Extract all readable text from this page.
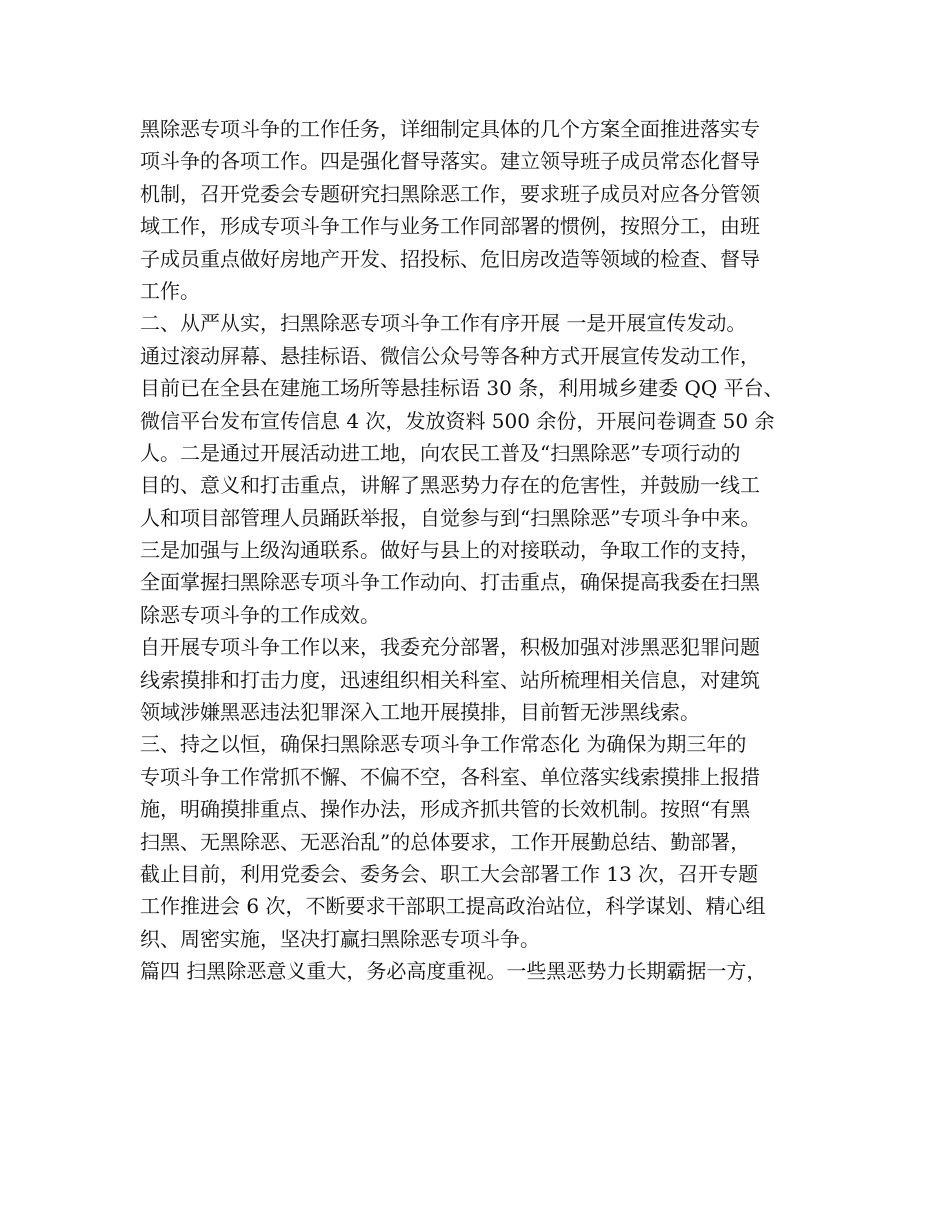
黑除恶专项斗争的工作任务，详细制定具体的几个方案全面推进落实专
项斗争的各项工作。四是强化督导落实。建立领导班子成员常态化督导
机制，召开党委会专题研究扫黑除恶工作，要求班子成员对应各分管领
域工作，形成专项斗争工作与业务工作同部署的惯例，按照分工，由班
子成员重点做好房地产开发、招投标、危旧房改造等领域的检查、督导
工作。
二、从严从实，扫黑除恶专项斗争工作有序开展 一是开展宣传发动。
通过滚动屏幕、悬挂标语、微信公众号等各种方式开展宣传发动工作，
目前已在全县在建施工场所等悬挂标语 30 条，利用城乡建委 QQ 平台、
微信平台发布宣传信息 4 次，发放资料 500 余份，开展问卷调查 50 余
人。二是通过开展活动进工地，向农民工普及“扫黑除恶”专项行动的
目的、意义和打击重点，讲解了黑恶势力存在的危害性，并鼓励一线工
人和项目部管理人员踊跃举报，自觉参与到“扫黑除恶”专项斗争中来。
三是加强与上级沟通联系。做好与县上的对接联动，争取工作的支持，
全面掌握扫黑除恶专项斗争工作动向、打击重点，确保提高我委在扫黑
除恶专项斗争的工作成效。
自开展专项斗争工作以来，我委充分部署，积极加强对涉黑恶犯罪问题
线索摸排和打击力度，迅速组织相关科室、站所梳理相关信息，对建筑
领域涉嫌黑恶违法犯罪深入工地开展摸排，目前暂无涉黑线索。
三、持之以恒，确保扫黑除恶专项斗争工作常态化 为确保为期三年的
专项斗争工作常抓不懈、不偏不空，各科室、单位落实线索摸排上报措
施，明确摸排重点、操作办法，形成齐抓共管的长效机制。按照“有黑
扫黑、无黑除恶、无恶治乱”的总体要求，工作开展勤总结、勤部署，
截止目前，利用党委会、委务会、职工大会部署工作 13 次，召开专题
工作推进会 6 次，不断要求干部职工提高政治站位，科学谋划、精心组
织、周密实施，坚决打赢扫黑除恶专项斗争。
篇四 扫黑除恶意义重大，务必高度重视。一些黑恶势力长期霸据一方，
